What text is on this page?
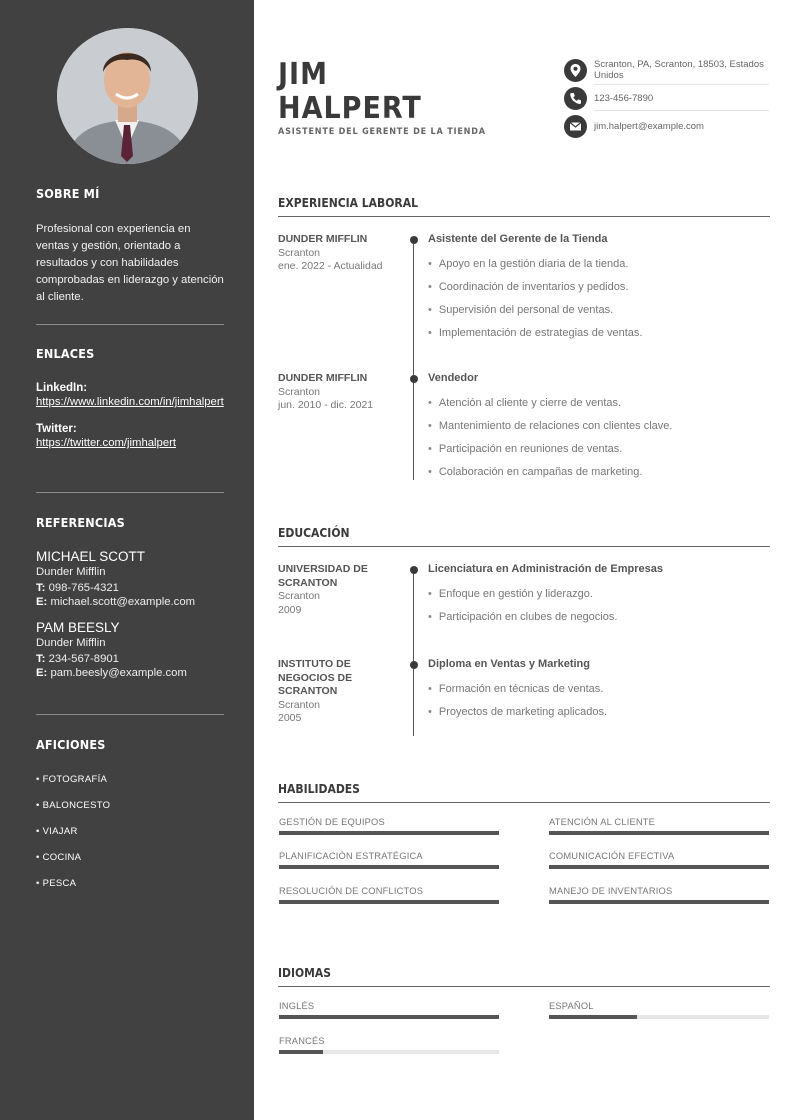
SOBRE MÍ
Profesional con experiencia en ventas y gestión, orientado a resultados y con habilidades comprobadas en liderazgo y atención al cliente.
ENLACES
LinkedIn:
https://www.linkedin.com/in/jimhalpert
Twitter:
https://twitter.com/jimhalpert
REFERENCIAS
MICHAEL SCOTT
Dunder Mifflin
T: 098-765-4321
E: michael.scott@example.com
PAM BEESLY
Dunder Mifflin
T: 234-567-8901
E: pam.beesly@example.com
AFICIONES
• FOTOGRAFÍA
• BALONCESTO
• VIAJAR
• COCINA
• PESCA
JIM
HALPERT
ASISTENTE DEL GERENTE DE LA TIENDA
Scranton, PA, Scranton, 18503, Estados Unidos
123-456-7890
jim.halpert@example.com
EXPERIENCIA LABORAL
DUNDER MIFFLIN
Scranton
ene. 2022 - Actualidad
Asistente del Gerente de la Tienda
• Apoyo en la gestión diaria de la tienda.
• Coordinación de inventarios y pedidos.
• Supervisión del personal de ventas.
• Implementación de estrategias de ventas.
DUNDER MIFFLIN
Scranton
jun. 2010 - dic. 2021
Vendedor
• Atención al cliente y cierre de ventas.
• Mantenimiento de relaciones con clientes clave.
• Participación en reuniones de ventas.
• Colaboración en campañas de marketing.
EDUCACIÓN
UNIVERSIDAD DE SCRANTON
Scranton
2009
Licenciatura en Administración de Empresas
• Enfoque en gestión y liderazgo.
• Participación en clubes de negocios.
INSTITUTO DE NEGOCIOS DE SCRANTON
Scranton
2005
Diploma en Ventas y Marketing
• Formación en técnicas de ventas.
• Proyectos de marketing aplicados.
HABILIDADES
GESTIÓN DE EQUIPOS	ATENCIÓN AL CLIENTE
PLANIFICACIÓN ESTRATÉGICA	COMUNICACIÓN EFECTIVA
RESOLUCIÓN DE CONFLICTOS	MANEJO DE INVENTARIOS
IDIOMAS
INGLÉS	ESPAÑOL
FRANCÉS
